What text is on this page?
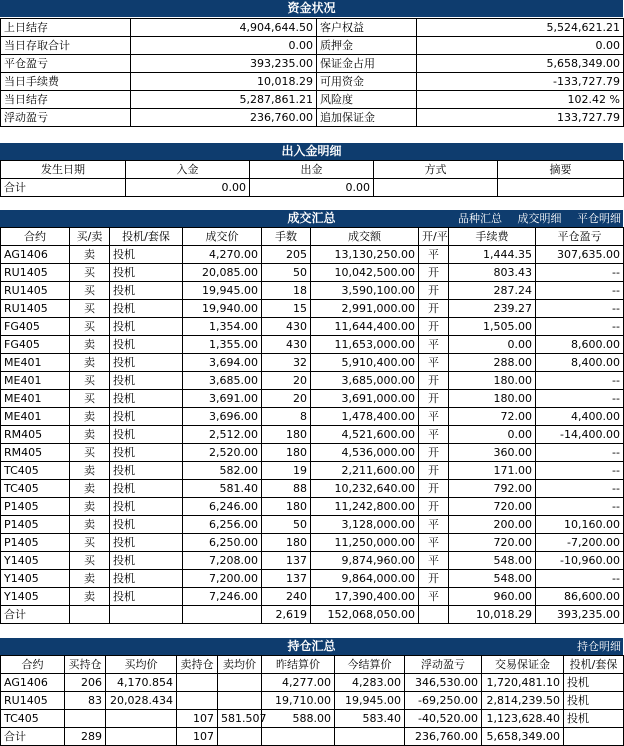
资金状况
上日结存	4,904,644.50	客户权益	5,524,621.21
当日存取合计	0.00	质押金	0.00
平仓盈亏	393,235.00	保证金占用	5,658,349.00
当日手续费	10,018.29	可用资金	-133,727.79
当日结存	5,287,861.21	风险度	102.42 %
浮动盈亏	236,760.00	追加保证金	133,727.79
出入金明细
发生日期	入金	出金	方式	摘要
合计	0.00	0.00		
成交汇总	品种汇总 成交明细 平仓明细
合约	买/卖	投机/套保	成交价	手数	成交额	开/平	手续费	平仓盈亏
AG1406	卖	投机	4,270.00	205	13,130,250.00	平	1,444.35	307,635.00
RU1405	买	投机	20,085.00	50	10,042,500.00	开	803.43	--
RU1405	买	投机	19,945.00	18	3,590,100.00	开	287.24	--
RU1405	买	投机	19,940.00	15	2,991,000.00	开	239.27	--
FG405	买	投机	1,354.00	430	11,644,400.00	开	1,505.00	--
FG405	卖	投机	1,355.00	430	11,653,000.00	平	0.00	8,600.00
ME401	卖	投机	3,694.00	32	5,910,400.00	平	288.00	8,400.00
ME401	买	投机	3,685.00	20	3,685,000.00	开	180.00	--
ME401	买	投机	3,691.00	20	3,691,000.00	开	180.00	--
ME401	卖	投机	3,696.00	8	1,478,400.00	平	72.00	4,400.00
RM405	卖	投机	2,512.00	180	4,521,600.00	平	0.00	-14,400.00
RM405	买	投机	2,520.00	180	4,536,000.00	开	360.00	--
TC405	卖	投机	582.00	19	2,211,600.00	开	171.00	--
TC405	卖	投机	581.40	88	10,232,640.00	开	792.00	--
P1405	卖	投机	6,246.00	180	11,242,800.00	开	720.00	--
P1405	卖	投机	6,256.00	50	3,128,000.00	平	200.00	10,160.00
P1405	买	投机	6,250.00	180	11,250,000.00	平	720.00	-7,200.00
Y1405	买	投机	7,208.00	137	9,874,960.00	平	548.00	-10,960.00
Y1405	卖	投机	7,200.00	137	9,864,000.00	开	548.00	--
Y1405	卖	投机	7,246.00	240	17,390,400.00	平	960.00	86,600.00
合计				2,619	152,068,050.00		10,018.29	393,235.00
持仓汇总	持仓明细
合约	买持仓	买均价	卖持仓	卖均价	昨结算价	今结算价	浮动盈亏	交易保证金	投机/套保
AG1406	206	4,170.854			4,277.00	4,283.00	346,530.00	1,720,481.10	投机
RU1405	83	20,028.434			19,710.00	19,945.00	-69,250.00	2,814,239.50	投机
TC405			107	581.507	588.00	583.40	-40,520.00	1,123,628.40	投机
合计	289		107				236,760.00	5,658,349.00	
